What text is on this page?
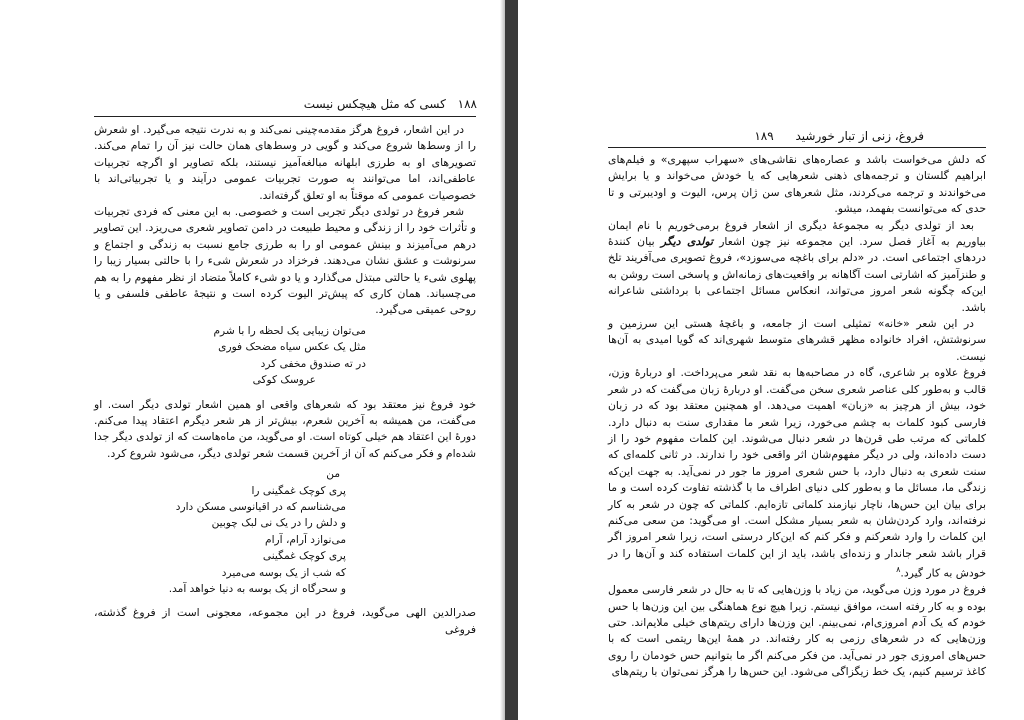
۱۸۸ کسی که مثل هیچکس نیست

در این اشعار، فروغ هرگز مقدمه‌چینی نمی‌کند و به ندرت نتیجه می‌گیرد. او شعرش را از وسط‌ها شروع می‌کند و گویی در وسط‌های همان حالت نیز آن را تمام می‌کند. تصویرهای او به طرزی ابلهانه مبالغه‌آمیز نیستند، بلکه تصاویر او اگرچه تجربیات عاطفی‌اند، اما می‌توانند به صورت تجربیات عمومی درآیند و یا تجربیاتی‌اند با خصوصیات عمومی که موقتاً به او تعلق گرفته‌اند.

شعر فروغ در تولدی دیگر تجربی است و خصوصی. به این معنی که فردی تجربیات و تأثرات خود را از زندگی و محیط طبیعت در دامن تصاویر شعری می‌ریزد. این تصاویر درهم می‌آمیزند و بینش عمومی او را به طرزی جامع نسبت به زندگی و اجتماع و سرنوشت و عشق نشان می‌دهند. فرخزاد در شعرش شیء را با حالتی بسیار زیبا را پهلوی شیء یا حالتی مبتذل می‌گذارد و یا دو شیء کاملاً متضاد از نظر مفهوم را به هم می‌چسباند. همان کاری که پیش‌تر الیوت کرده است و نتیجهٔ عاطفی فلسفی و یا روحی عمیقی می‌گیرد.

می‌توان زیبایی یک لحظه را با شرم
مثل یک عکس سیاه مضحک فوری
در ته صندوق مخفی کرد
عروسک کوکی

خود فروغ نیز معتقد بود که شعرهای واقعی او همین اشعار تولدی دیگر است. او می‌گفت، من همیشه به آخرین شعرم، بیش‌تر از هر شعر دیگرم اعتقاد پیدا می‌کنم. دورهٔ این اعتقاد هم خیلی کوتاه است. او می‌گوید، من ماه‌هاست که از تولدی دیگر جدا شده‌ام و فکر می‌کنم که آن از آخرین قسمت شعر تولدی دیگر، می‌شود شروع کرد.

من
پری کوچک غمگینی را
می‌شناسم که در اقیانوسی مسکن دارد
و دلش را در یک نی لبک چوبین
می‌نوازد آرام، آرام
پری کوچک غمگینی
که شب از یک بوسه می‌میرد
و سحرگاه از یک بوسه به دنیا خواهد آمد.

صدرالدین الهی می‌گوید، فروغ در این مجموعه، معجونی است از فروغ گذشته، فروغی

فروغ، زنی از تبار خورشید ۱۸۹

که دلش می‌خواست باشد و عصاره‌های نقاشی‌های «سهراب سپهری» و فیلم‌های ابراهیم گلستان و ترجمه‌های ذهنی شعرهایی که یا خودش می‌خواند و یا برایش می‌خواندند و ترجمه می‌کردند، مثل شعرهای سن ژان پرس، الیوت و اودیبرتی و تا حدی که می‌توانست بفهمد، میشو.

بعد از تولدی دیگر به مجموعهٔ دیگری از اشعار فروغ برمی‌خوریم با نام ایمان بیاوریم به آغاز فصل سرد. این مجموعه نیز چون اشعار تولدی دیگر بیان کنندهٔ دردهای اجتماعی است. در «دلم برای باغچه می‌سوزد»، فروغ تصویری می‌آفریند تلخ و طنزآمیز که اشارتی است آگاهانه بر واقعیت‌های زمانه‌اش و پاسخی است روشن به این‌که چگونه شعر امروز می‌تواند، انعکاس مسائل اجتماعی با برداشتی شاعرانه باشد.

در این شعر «خانه» تمثیلی است از جامعه، و باغچهٔ هستی این سرزمین و سرنوشتش، افراد خانواده مظهر قشرهای متوسط شهری‌اند که گویا امیدی به آن‌ها نیست.

فروغ علاوه بر شاعری، گاه در مصاحبه‌ها به نقد شعر می‌پرداخت. او دربارهٔ وزن، قالب و به‌طور کلی عناصر شعری سخن می‌گفت. او دربارهٔ زبان می‌گفت که در شعر خود، بیش از هرچیز به «زبان» اهمیت می‌دهد. او همچنین معتقد بود که در زبان فارسی کبود کلمات به چشم می‌خورد، زیرا شعر ما مقداری سنت به دنبال دارد. کلماتی که مرتب طی قرن‌ها در شعر دنبال می‌شوند. این کلمات مفهوم خود را از دست داده‌اند، ولی در دیگر مفهوم‌شان اثر واقعی خود را ندارند. در ثانی کلمه‌ای که سنت شعری به دنبال دارد، با حس شعری امروز ما جور در نمی‌آید. به جهت این‌که زندگی ما، مسائل ما و به‌طور کلی دنیای اطراف ما با گذشته تفاوت کرده است و ما برای بیان این حس‌ها، ناچار نیازمند کلماتی تازه‌ایم. کلماتی که چون در شعر به کار نرفته‌اند، وارد کردن‌شان به شعر بسیار مشکل است. او می‌گوید: من سعی می‌کنم این کلمات را وارد شعرکنم و فکر کنم که این‌کار درستی است، زیرا شعر امروز اگر قرار باشد شعر جاندار و زنده‌ای باشد، باید از این کلمات استفاده کند و آن‌ها را در خودش به کار گیرد.$^۸$

فروغ در مورد وزن می‌گوید، من زیاد با وزن‌هایی که تا به حال در شعر فارسی معمول بوده و به کار رفته است، موافق نیستم. زیرا هیچ نوع هماهنگی بین این وزن‌ها با حس خودم که یک آدم امروزی‌ام، نمی‌بینم. این وزن‌ها دارای ریتم‌های خیلی ملایم‌اند. حتی وزن‌هایی که در شعرهای رزمی به کار رفته‌اند. در همهٔ این‌ها ریتمی است که با حس‌های امروزی جور در نمی‌آید. من فکر می‌کنم اگر ما بتوانیم حس خودمان را روی کاغذ ترسیم کنیم، یک خط زیگزاگی می‌شود. این حس‌ها را هرگز نمی‌توان با ریتم‌های
